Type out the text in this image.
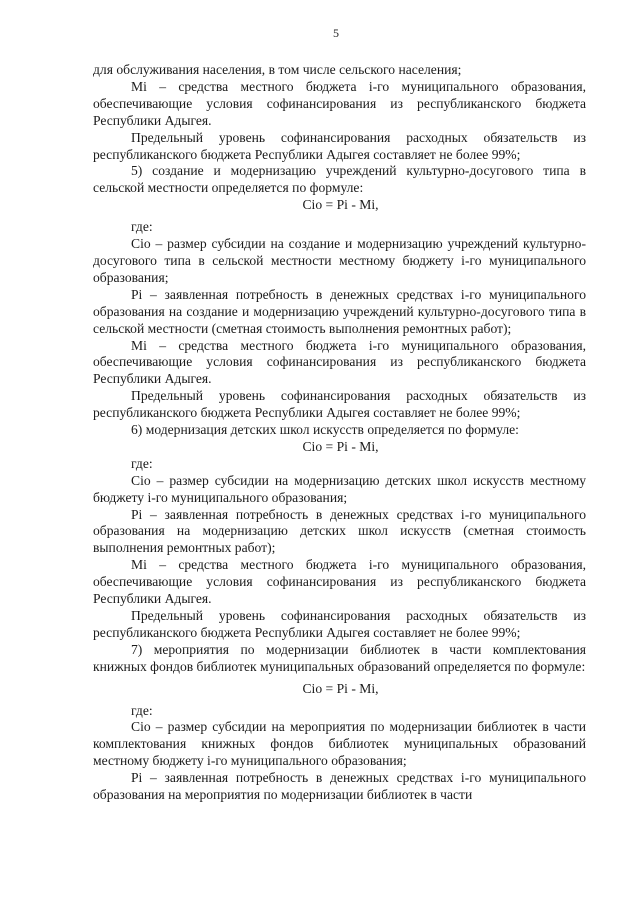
5

для обслуживания населения, в том числе сельского населения;

Mi – средства местного бюджета i-го муниципального образования, обеспечивающие условия софинансирования из республиканского бюджета Республики Адыгея.

Предельный уровень софинансирования расходных обязательств из республиканского бюджета Республики Адыгея составляет не более 99%;

5) создание и модернизацию учреждений культурно-досугового типа в сельской местности определяется по формуле:

Сio = Pi - Mi,

где:

Сio – размер субсидии на создание и модернизацию учреждений культурно-досугового типа в сельской местности местному бюджету i-го муниципального образования;

Pi – заявленная потребность в денежных средствах i-го муниципального образования на создание и модернизацию учреждений культурно-досугового типа в сельской местности (сметная стоимость выполнения ремонтных работ);

Mi – средства местного бюджета i-го муниципального образования, обеспечивающие условия софинансирования из республиканского бюджета Республики Адыгея.

Предельный уровень софинансирования расходных обязательств из республиканского бюджета Республики Адыгея составляет не более 99%;

6) модернизация детских школ искусств определяется по формуле:

Сio = Pi - Mi,

где:

Сio – размер субсидии на модернизацию детских школ искусств местному бюджету i-го муниципального образования;

Pi – заявленная потребность в денежных средствах i-го муниципального образования на модернизацию детских школ искусств (сметная стоимость выполнения ремонтных работ);

Mi – средства местного бюджета i-го муниципального образования, обеспечивающие условия софинансирования из республиканского бюджета Республики Адыгея.

Предельный уровень софинансирования расходных обязательств из республиканского бюджета Республики Адыгея составляет не более 99%;

7) мероприятия по модернизации библиотек в части комплектования книжных фондов библиотек муниципальных образований определяется по формуле:

Сio = Pi - Mi,

где:

Сio – размер субсидии на мероприятия по модернизации библиотек в части комплектования книжных фондов библиотек муниципальных образований местному бюджету i-го муниципального образования;

Pi – заявленная потребность в денежных средствах i-го муниципального образования на мероприятия по модернизации библиотек в части
